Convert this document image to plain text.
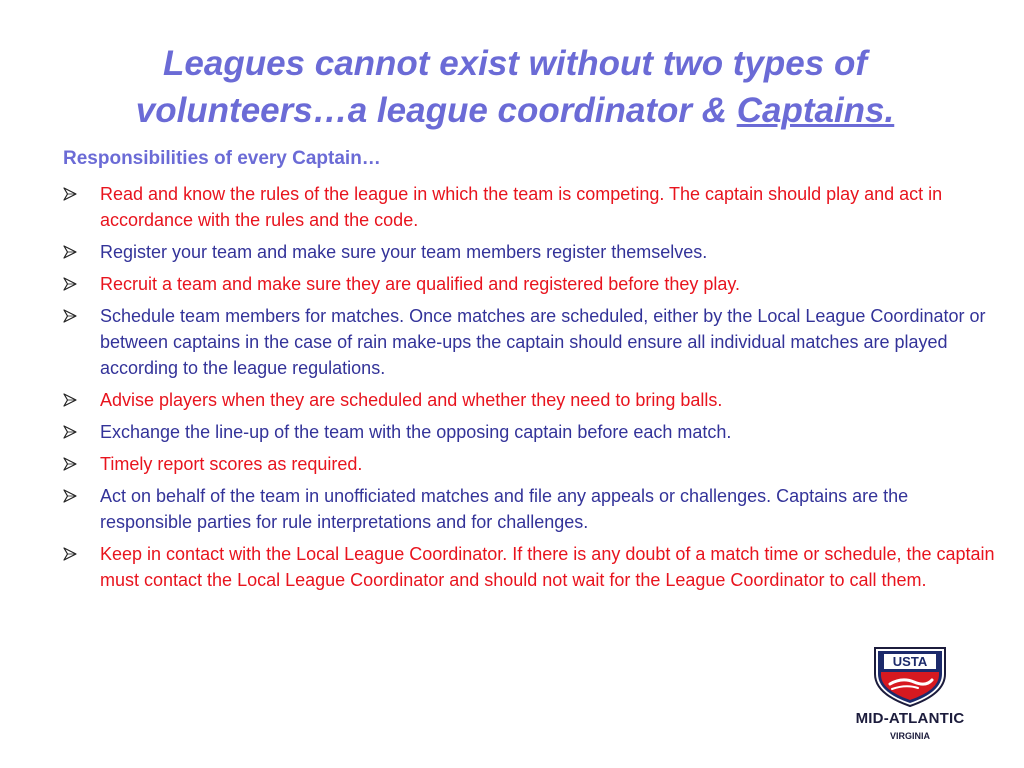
Leagues cannot exist without two types of
volunteers…a league coordinator & Captains.
Responsibilities of every Captain…
Read and know the rules of the league in which the team is competing. The captain should play and act in accordance with the rules and the code.
Register your team and make sure your team members register themselves.
Recruit a team and make sure they are qualified and registered before they play.
Schedule team members for matches. Once matches are scheduled, either by the Local League Coordinator or between captains in the case of rain make-ups the captain should ensure all individual matches are played according to the league regulations.
Advise players when they are scheduled and whether they need to bring balls.
Exchange the line-up of the team with the opposing captain before each match.
Timely report scores as required.
Act on behalf of the team in unofficiated matches and file any appeals or challenges. Captains are the responsible parties for rule interpretations and for challenges.
Keep in contact with the Local League Coordinator. If there is any doubt of a match time or schedule, the captain must contact the Local League Coordinator and should not wait for the League Coordinator to call them.
USTA
MID-ATLANTIC
VIRGINIA
